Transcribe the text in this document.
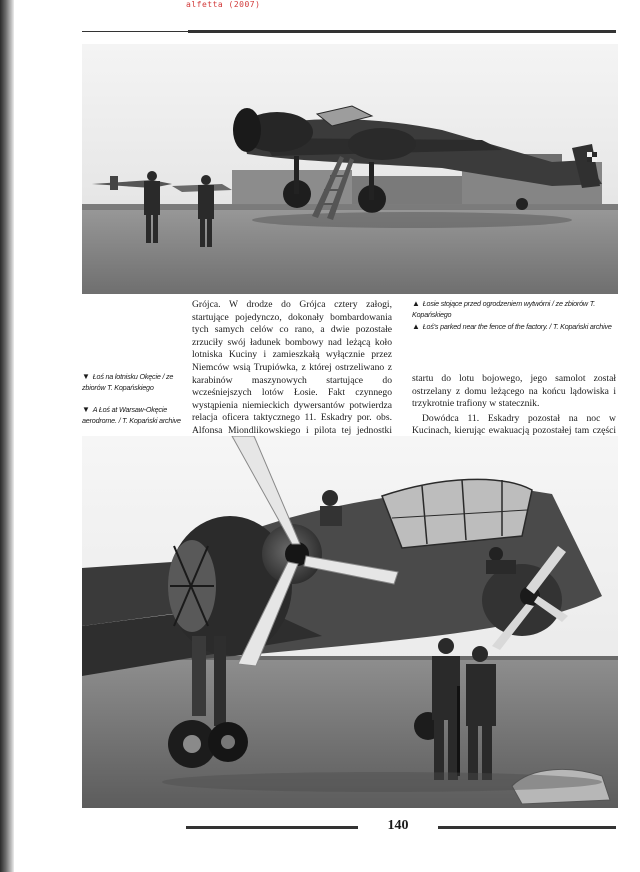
alfetta (2007)
Grójca. W drodze do Grójca cztery załogi, startujące pojedynczo, dokonały bombardowania tych samych celów co rano, a dwie pozostałe zrzuciły swój ładunek bombowy nad leżącą koło lotniska Kuciny i zamieszkałą wyłącznie przez Niemców wsią Trupiówka, z której ostrzeliwano z karabinów maszynowych startujące do wcześniejszych lotów Łosie. Fakt czynnego wystąpienia niemieckich dywersantów potwierdza relacja oficera taktycznego 11. Eskadry por. obs. Alfonsa Miondlikowskiego i pilota tej jednostki

startu do lotu bojowego, jego samolot został ostrzelany z domu leżącego na końcu lądowiska i trzykrotnie trafiony w statecznik.

Dowódca 11. Eskadry pozostał na noc w Kucinach, kierując ewakuacją pozostałej tam części

▼ Łoś na lotnisku Okęcie / ze zbiorów T. Kopańskiego
▼ A Łoś at Warsaw-Okęcie aerodrome. / T. Kopański archive
▲ Łosie stojące przed ogrodzeniem wytwórni / ze zbiorów T. Kopańskiego
▲ Łoś's parked near the fence of the factory. / T. Kopański archive
140
